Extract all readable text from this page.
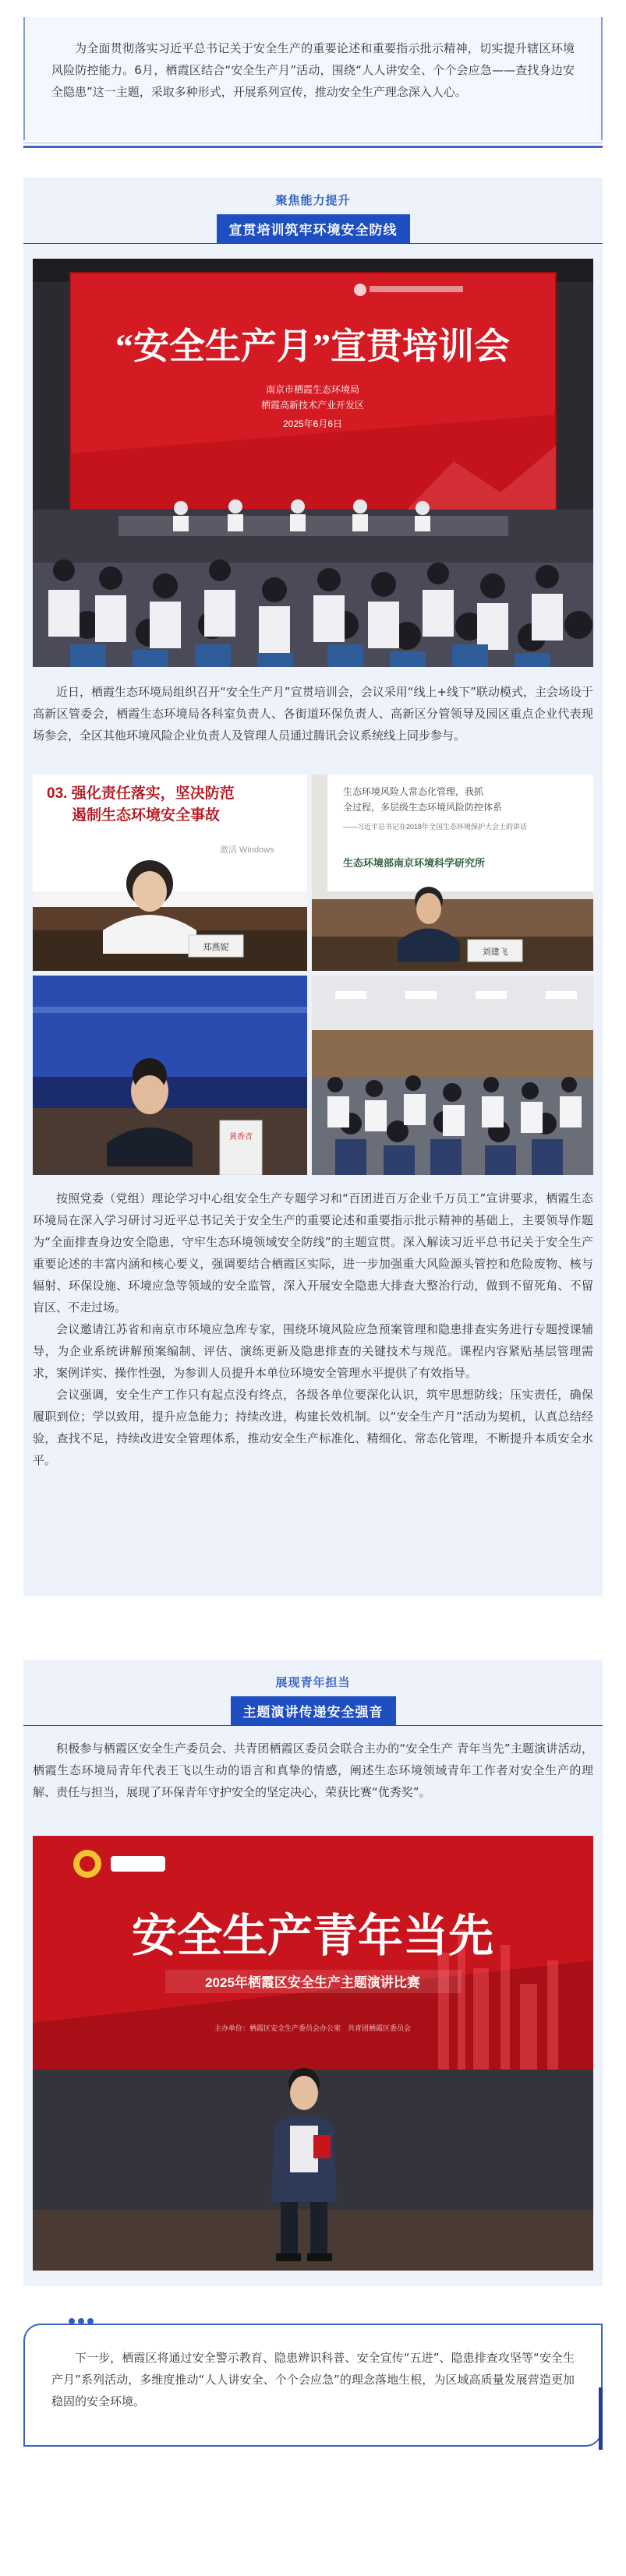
为全面贯彻落实习近平总书记关于安全生产的重要论述和重要指示批示精神，切实提升辖区环境风险防控能力。6月，栖霞区结合“安全生产月”活动，围绕“人人讲安全、个个会应急——查找身边安全隐患”这一主题，采取多种形式，开展系列宣传，推动安全生产理念深入人心。

聚焦能力提升
宣贯培训筑牢环境安全防线
“安全生产月”宣贯培训会
南京市栖霞生态环境局
栖霞高新技术产业开发区
2025年6月6日

近日，栖霞生态环境局组织召开“安全生产月”宣贯培训会，会议采用“线上+线下”联动模式，主会场设于高新区管委会，栖霞生态环境局各科室负责人、各街道环保负责人、高新区分管领导及园区重点企业代表现场参会，全区其他环境风险企业负责人及管理人员通过腾讯会议系统线上同步参与。

03. 强化责任落实，坚决防范
遏制生态环境安全事故
激活 Windows
郑燕妮
生态环境风险人常态化管理，我抓
全过程，多层级生态环境风险防控体系
——习近平总书记在2018年全国生态环境保护大会上的讲话
生态环境部南京环境科学研究所
刘建飞
黄香青

按照党委（党组）理论学习中心组安全生产专题学习和“百团进百万企业千万员工”宣讲要求，栖霞生态环境局在深入学习研讨习近平总书记关于安全生产的重要论述和重要指示批示精神的基础上，主要领导作题为“全面排查身边安全隐患，守牢生态环境领域安全防线”的主题宣贯。深入解读习近平总书记关于安全生产重要论述的丰富内涵和核心要义，强调要结合栖霞区实际，进一步加强重大风险源头管控和危险废物、核与辐射、环保设施、环境应急等领域的安全监管，深入开展安全隐患大排查大整治行动，做到不留死角、不留盲区、不走过场。

会议邀请江苏省和南京市环境应急库专家，围绕环境风险应急预案管理和隐患排查实务进行专题授课辅导，为企业系统讲解预案编制、评估、演练更新及隐患排查的关键技术与规范。课程内容紧贴基层管理需求，案例详实、操作性强，为参训人员提升本单位环境安全管理水平提供了有效指导。

会议强调，安全生产工作只有起点没有终点，各级各单位要深化认识，筑牢思想防线；压实责任，确保履职到位；学以致用，提升应急能力；持续改进，构建长效机制。以“安全生产月”活动为契机，认真总结经验，查找不足，持续改进安全管理体系，推动安全生产标准化、精细化、常态化管理，不断提升本质安全水平。

展现青年担当
主题演讲传递安全强音

积极参与栖霞区安全生产委员会、共青团栖霞区委员会联合主办的“安全生产 青年当先”主题演讲活动，栖霞生态环境局青年代表王飞以生动的语言和真挚的情感，阐述生态环境领域青年工作者对安全生产的理解、责任与担当，展现了环保青年守护安全的坚定决心，荣获比赛“优秀奖”。

安全生产青年当先
2025年栖霞区安全生产主题演讲比赛
主办单位：栖霞区安全生产委员会办公室　共青团栖霞区委员会

下一步，栖霞区将通过安全警示教育、隐患辨识科普、安全宣传“五进”、隐患排查攻坚等“安全生产月”系列活动，多维度推动“人人讲安全、个个会应急”的理念落地生根，为区域高质量发展营造更加稳固的安全环境。
